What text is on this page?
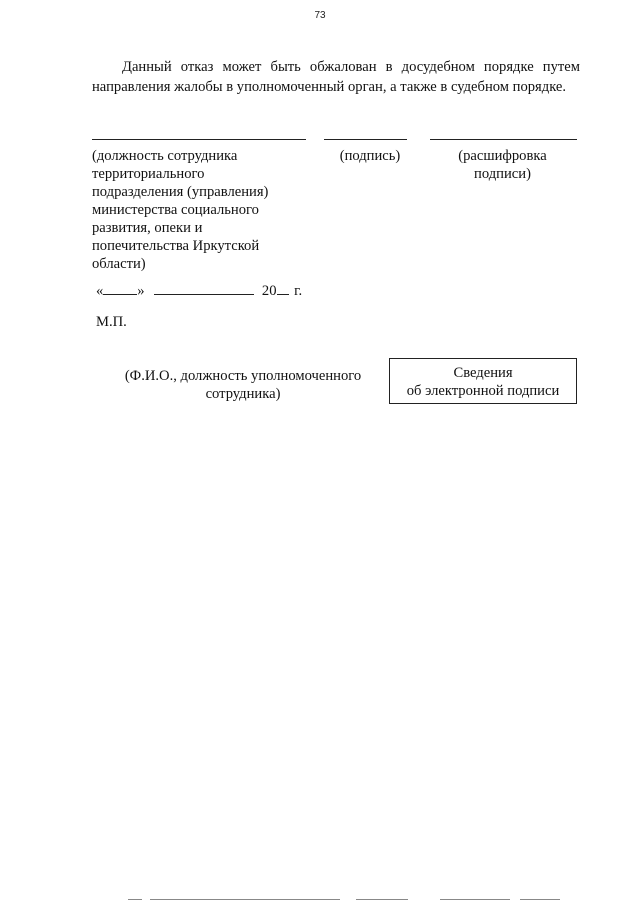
73

Данный отказ может быть обжалован в досудебном порядке путем направления жалобы в уполномоченный орган, а также в судебном порядке.

(должность сотрудника территориального подразделения (управления) министерства социального развития, опеки и попечительства Иркутской области)

(подпись)	(расшифровка подписи)

« »	20 г.
М.П.

(Ф.И.О., должность уполномоченного сотрудника)

Сведения
об электронной подписи
